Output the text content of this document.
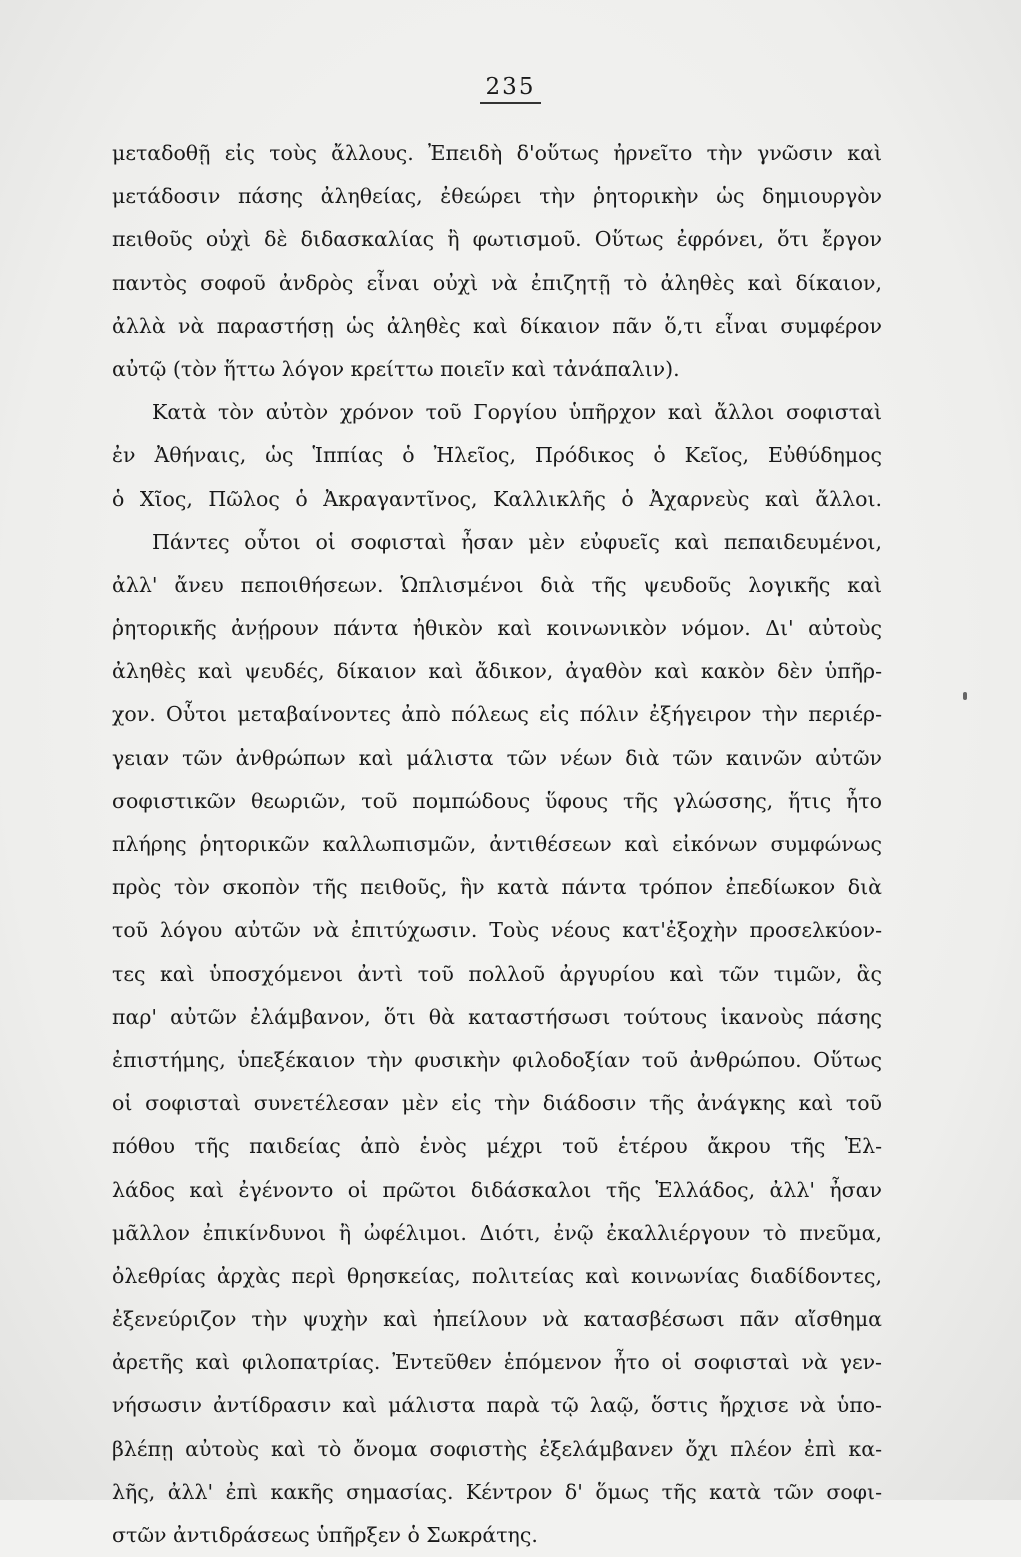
235
μεταδοθῇ εἰς τοὺς ἄλλους. Ἐπειδὴ δ'οὕτως ἠρνεῖτο τὴν γνῶσιν καὶ
μετάδοσιν πάσης ἀληθείας, ἐθεώρει τὴν ῥητορικὴν ὡς δημιουργὸν
πειθοῦς οὐχὶ δὲ διδασκαλίας ἢ φωτισμοῦ. Οὕτως ἐφρόνει, ὅτι ἔργον
παντὸς σοφοῦ ἀνδρὸς εἶναι οὐχὶ νὰ ἐπιζητῇ τὸ ἀληθὲς καὶ δίκαιον,
ἀλλὰ νὰ παραστήσῃ ὡς ἀληθὲς καὶ δίκαιον πᾶν ὅ,τι εἶναι συμφέρον
αὐτῷ (τὸν ἥττω λόγον κρείττω ποιεῖν καὶ τἀνάπαλιν).
Κατὰ τὸν αὐτὸν χρόνον τοῦ Γοργίου ὑπῆρχον καὶ ἄλλοι σοφισταὶ
ἐν Ἀθήναις, ὡς Ἱππίας ὁ Ἠλεῖος, Πρόδικος ὁ Κεῖος, Εὐθύδημος
ὁ Χῖος, Πῶλος ὁ Ἀκραγαντῖνος, Καλλικλῆς ὁ Ἀχαρνεὺς καὶ ἄλλοι.
Πάντες οὗτοι οἱ σοφισταὶ ἦσαν μὲν εὐφυεῖς καὶ πεπαιδευμένοι,
ἀλλ' ἄνευ πεποιθήσεων. Ὡπλισμένοι διὰ τῆς ψευδοῦς λογικῆς καὶ
ῥητορικῆς ἀνῄρουν πάντα ἠθικὸν καὶ κοινωνικὸν νόμον. Δι' αὐτοὺς
ἀληθὲς καὶ ψευδές, δίκαιον καὶ ἄδικον, ἀγαθὸν καὶ κακὸν δὲν ὑπῆρ-
χον. Οὗτοι μεταβαίνοντες ἀπὸ πόλεως εἰς πόλιν ἐξήγειρον τὴν περιέρ-
γειαν τῶν ἀνθρώπων καὶ μάλιστα τῶν νέων διὰ τῶν καινῶν αὐτῶν
σοφιστικῶν θεωριῶν, τοῦ πομπώδους ὕφους τῆς γλώσσης, ἥτις ἦτο
πλήρης ῥητορικῶν καλλωπισμῶν, ἀντιθέσεων καὶ εἰκόνων συμφώνως
πρὸς τὸν σκοπὸν τῆς πειθοῦς, ἣν κατὰ πάντα τρόπον ἐπεδίωκον διὰ
τοῦ λόγου αὐτῶν νὰ ἐπιτύχωσιν. Τοὺς νέους κατ'ἐξοχὴν προσελκύον-
τες καὶ ὑποσχόμενοι ἀντὶ τοῦ πολλοῦ ἀργυρίου καὶ τῶν τιμῶν, ἃς
παρ' αὐτῶν ἐλάμβανον, ὅτι θὰ καταστήσωσι τούτους ἱκανοὺς πάσης
ἐπιστήμης, ὑπεξέκαιον τὴν φυσικὴν φιλοδοξίαν τοῦ ἀνθρώπου. Οὕτως
οἱ σοφισταὶ συνετέλεσαν μὲν εἰς τὴν διάδοσιν τῆς ἀνάγκης καὶ τοῦ
πόθου τῆς παιδείας ἀπὸ ἑνὸς μέχρι τοῦ ἑτέρου ἄκρου τῆς Ἑλ-
λάδος καὶ ἐγένοντο οἱ πρῶτοι διδάσκαλοι τῆς Ἑλλάδος, ἀλλ' ἦσαν
μᾶλλον ἐπικίνδυνοι ἢ ὠφέλιμοι. Διότι, ἐνῷ ἐκαλλιέργουν τὸ πνεῦμα,
ὀλεθρίας ἀρχὰς περὶ θρησκείας, πολιτείας καὶ κοινωνίας διαδίδοντες,
ἐξενεύριζον τὴν ψυχὴν καὶ ἠπείλουν νὰ κατασβέσωσι πᾶν αἴσθημα
ἀρετῆς καὶ φιλοπατρίας. Ἐντεῦθεν ἑπόμενον ἦτο οἱ σοφισταὶ νὰ γεν-
νήσωσιν ἀντίδρασιν καὶ μάλιστα παρὰ τῷ λαῷ, ὅστις ἤρχισε νὰ ὑπο-
βλέπῃ αὐτοὺς καὶ τὸ ὄνομα σοφιστὴς ἐξελάμβανεν ὄχι πλέον ἐπὶ κα-
λῆς, ἀλλ' ἐπὶ κακῆς σημασίας. Κέντρον δ' ὅμως τῆς κατὰ τῶν σοφι-
στῶν ἀντιδράσεως ὑπῆρξεν ὁ Σωκράτης.
